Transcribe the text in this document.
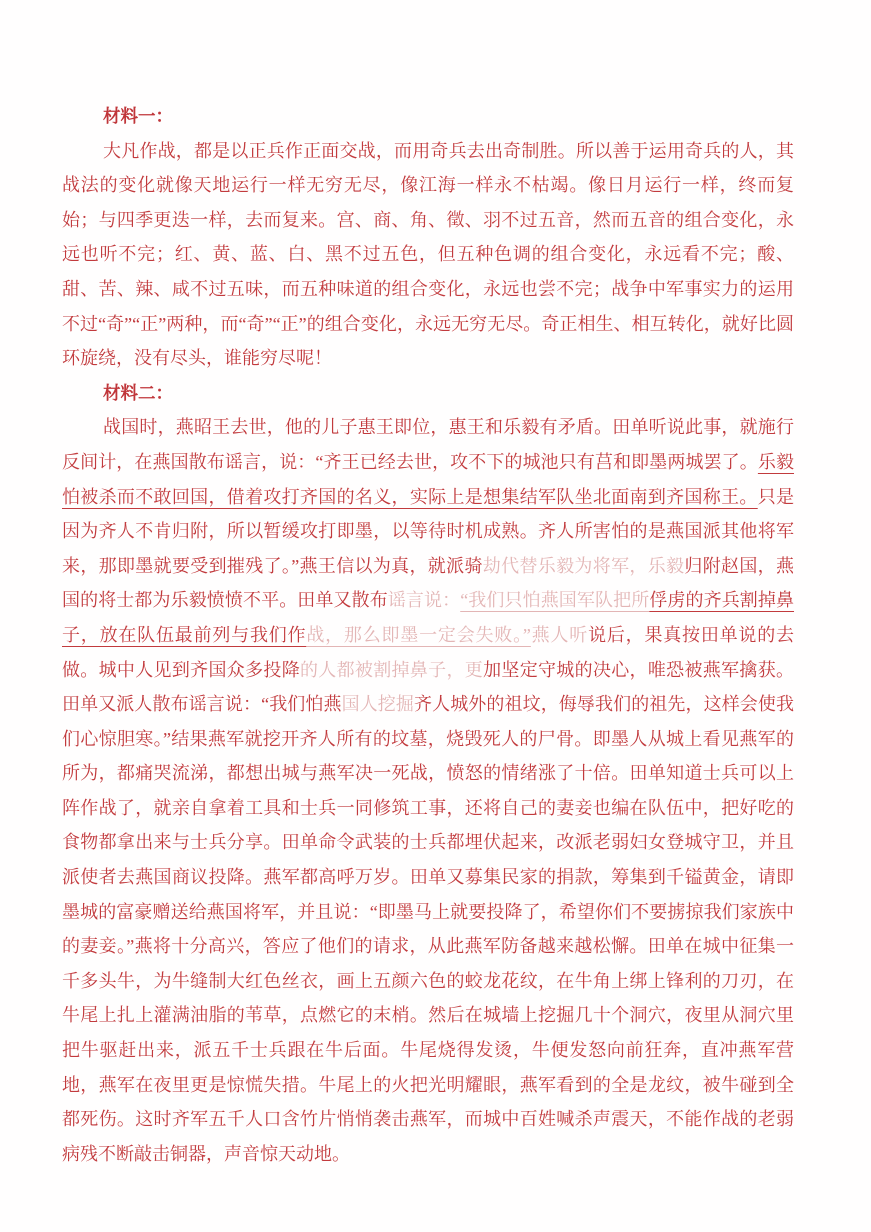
材料一：

大凡作战，都是以正兵作正面交战，而用奇兵去出奇制胜。所以善于运用奇兵的人，其战法的变化就像天地运行一样无穷无尽，像江海一样永不枯竭。像日月运行一样，终而复始；与四季更迭一样，去而复来。宫、商、角、徵、羽不过五音，然而五音的组合变化，永远也听不完；红、黄、蓝、白、黑不过五色，但五种色调的组合变化，永远看不完；酸、甜、苦、辣、咸不过五味，而五种味道的组合变化，永远也尝不完；战争中军事实力的运用不过“奇”“正”两种，而“奇”“正”的组合变化，永远无穷无尽。奇正相生、相互转化，就好比圆环旋绕，没有尽头，谁能穷尽呢！

材料二：

战国时，燕昭王去世，他的儿子惠王即位，惠王和乐毅有矛盾。田单听说此事，就施行反间计，在燕国散布谣言，说：“齐王已经去世，攻不下的城池只有莒和即墨两城罢了。乐毅怕被杀而不敢回国，借着攻打齐国的名义，实际上是想集结军队坐北面南到齐国称王。只是因为齐人不肯归附，所以暂缓攻打即墨，以等待时机成熟。齐人所害怕的是燕国派其他将军来，那即墨就要受到摧残了。”燕王信以为真，就派骑劫代替乐毅为将军，乐毅归附赵国，燕国的将士都为乐毅愤愤不平。田单又散布谣言说：“我们只怕燕国军队把所俘虏的齐兵割掉鼻子，放在队伍最前列与我们作战，那么即墨一定会失败。”燕人听说后，果真按田单说的去做。城中人见到齐国众多投降的人都被割掉鼻子，更加坚定守城的决心，唯恐被燕军擒获。田单又派人散布谣言说：“我们怕燕国人挖掘齐人城外的祖坟，侮辱我们的祖先，这样会使我们心惊胆寒。”结果燕军就挖开齐人所有的坟墓，烧毁死人的尸骨。即墨人从城上看见燕军的所为，都痛哭流涕，都想出城与燕军决一死战，愤怒的情绪涨了十倍。田单知道士兵可以上阵作战了，就亲自拿着工具和士兵一同修筑工事，还将自己的妻妾也编在队伍中，把好吃的食物都拿出来与士兵分享。田单命令武装的士兵都埋伏起来，改派老弱妇女登城守卫，并且派使者去燕国商议投降。燕军都高呼万岁。田单又募集民家的捐款，筹集到千镒黄金，请即墨城的富豪赠送给燕国将军，并且说：“即墨马上就要投降了，希望你们不要掳掠我们家族中的妻妾。”燕将十分高兴，答应了他们的请求，从此燕军防备越来越松懈。田单在城中征集一千多头牛，为牛缝制大红色丝衣，画上五颜六色的蛟龙花纹，在牛角上绑上锋利的刀刃，在牛尾上扎上灌满油脂的苇草，点燃它的末梢。然后在城墙上挖掘几十个洞穴，夜里从洞穴里把牛驱赶出来，派五千士兵跟在牛后面。牛尾烧得发烫，牛便发怒向前狂奔，直冲燕军营地，燕军在夜里更是惊慌失措。牛尾上的火把光明耀眼，燕军看到的全是龙纹，被牛碰到全都死伤。这时齐军五千人口含竹片悄悄袭击燕军，而城中百姓喊杀声震天，不能作战的老弱病残不断敲击铜器，声音惊天动地。
